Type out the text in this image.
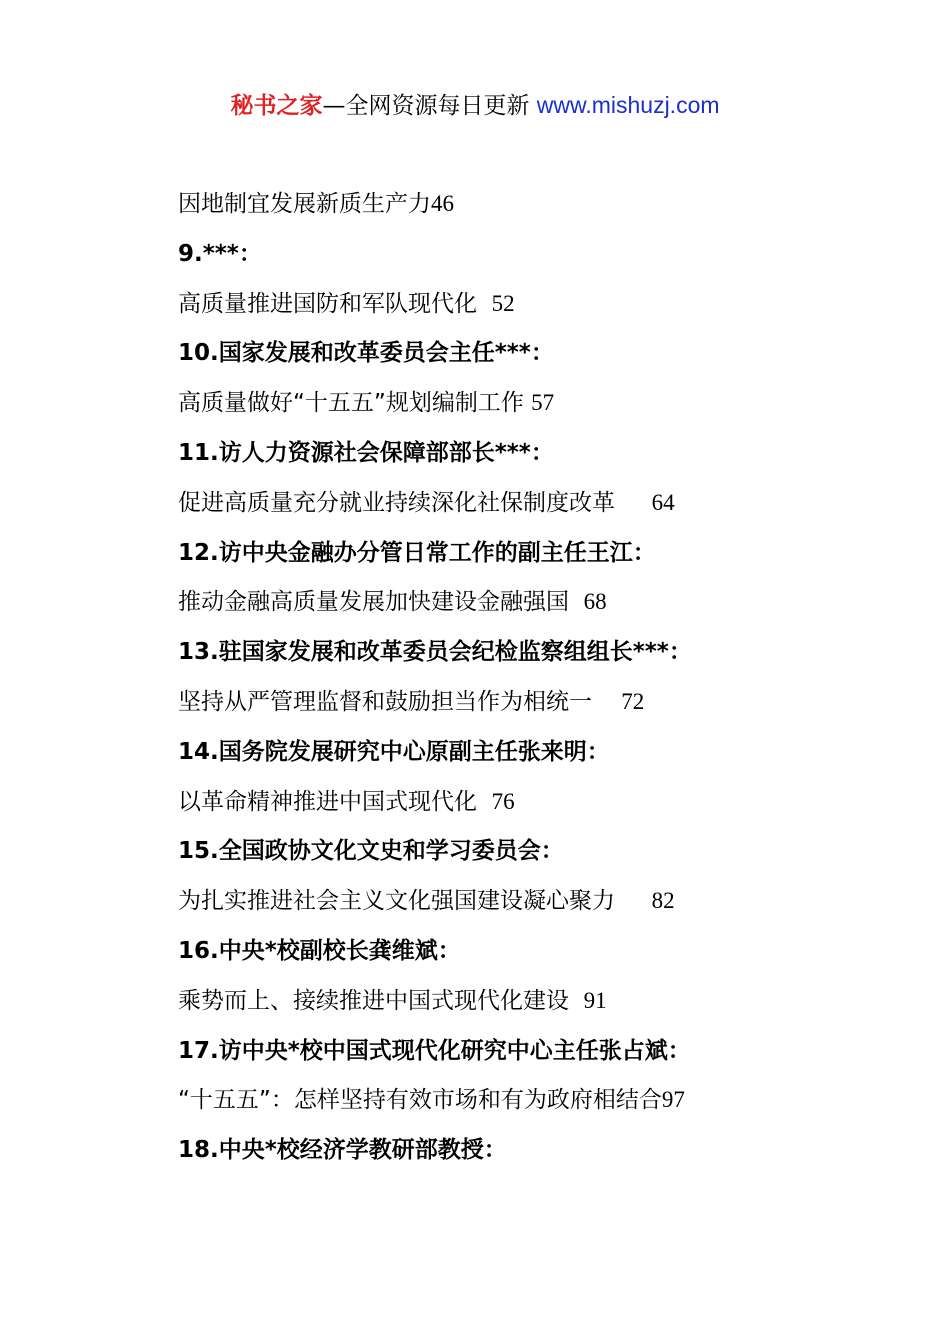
秘书之家—全网资源每日更新 www.mishuzj.com
因地制宜发展新质生产力46
9.***：
高质量推进国防和军队现代化 52
10.国家发展和改革委员会主任***：
高质量做好“十五五”规划编制工作 57
11.访人力资源社会保障部部长***：
促进高质量充分就业持续深化社保制度改革 64
12.访中央金融办分管日常工作的副主任王江：
推动金融高质量发展加快建设金融强国 68
13.驻国家发展和改革委员会纪检监察组组长***：
坚持从严管理监督和鼓励担当作为相统一 72
14.国务院发展研究中心原副主任张来明：
以革命精神推进中国式现代化 76
15.全国政协文化文史和学习委员会：
为扎实推进社会主义文化强国建设凝心聚力 82
16.中央*校副校长龚维斌：
乘势而上、接续推进中国式现代化建设 91
17.访中央*校中国式现代化研究中心主任张占斌：
“十五五”：怎样坚持有效市场和有为政府相结合97
18.中央*校经济学教研部教授：
